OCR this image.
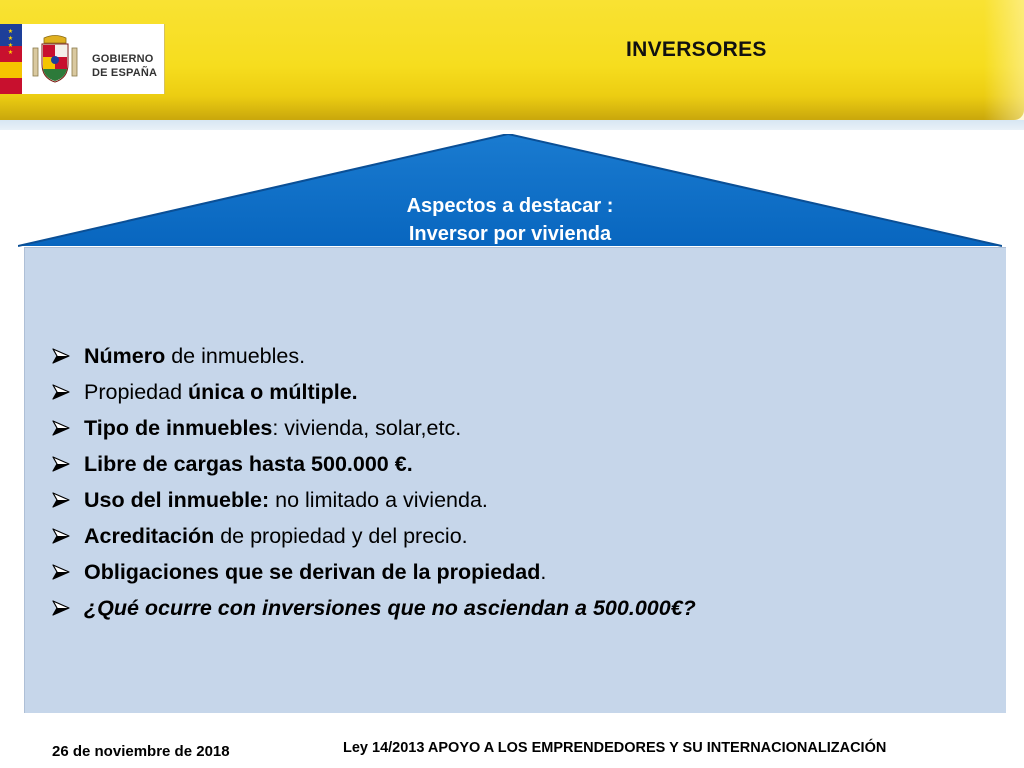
★★★★
GOBIERNO
DE ESPAÑA
INVERSORES
Aspectos a destacar :
Inversor por vivienda
Número de inmuebles.
Propiedad única o múltiple.
Tipo de inmuebles: vivienda, solar,etc.
Libre de cargas hasta 500.000 €.
Uso del inmueble: no limitado a vivienda.
Acreditación de propiedad y del precio.
Obligaciones que se derivan de la propiedad.
¿Qué ocurre con inversiones que no asciendan a 500.000€?
26 de noviembre de 2018	Ley 14/2013 APOYO A LOS EMPRENDEDORES Y SU INTERNACIONALIZACIÓN
